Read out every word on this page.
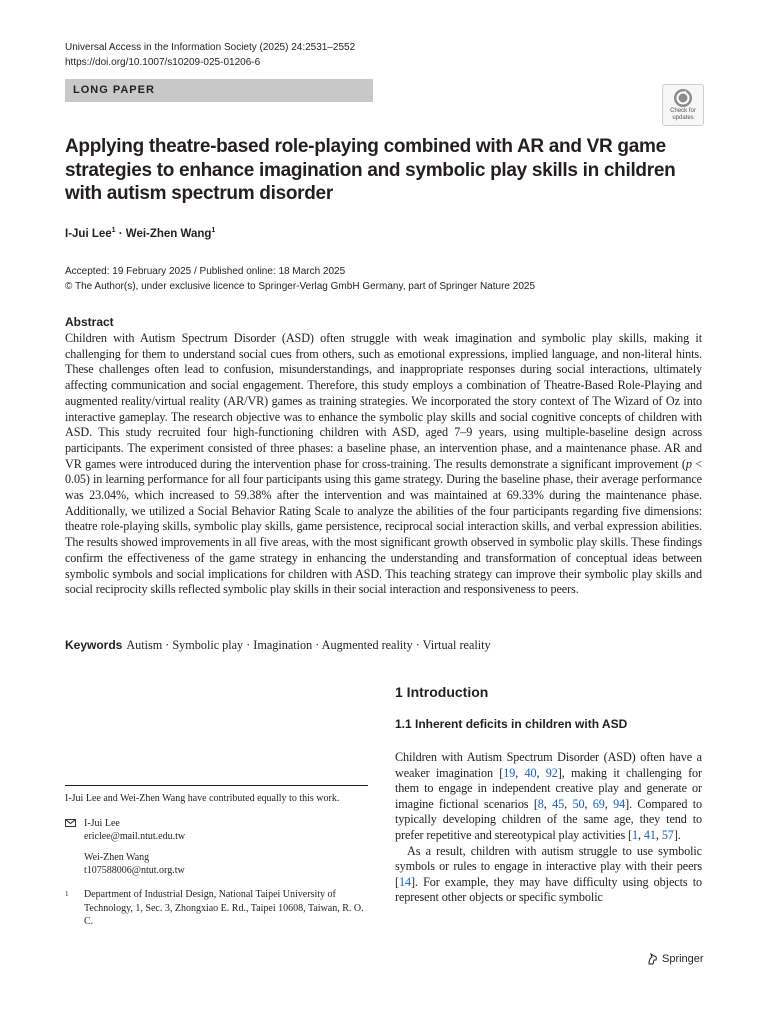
Universal Access in the Information Society (2025) 24:2531–2552
https://doi.org/10.1007/s10209-025-01206-6
LONG PAPER
Check for
updates
Applying theatre-based role-playing combined with AR and VR game strategies to enhance imagination and symbolic play skills in children with autism spectrum disorder
I-Jui Lee$^1$ · Wei-Zhen Wang$^1$
Accepted: 19 February 2025 / Published online: 18 March 2025
© The Author(s), under exclusive licence to Springer-Verlag GmbH Germany, part of Springer Nature 2025
Abstract

Children with Autism Spectrum Disorder (ASD) often struggle with weak imagination and symbolic play skills, making it challenging for them to understand social cues from others, such as emotional expressions, implied language, and non-literal hints. These challenges often lead to confusion, misunderstandings, and inappropriate responses during social interactions, ultimately affecting communication and social engagement. Therefore, this study employs a combination of Theatre-Based Role-Playing and augmented reality/virtual reality (AR/VR) games as training strategies. We incorporated the story context of The Wizard of Oz into interactive gameplay. The research objective was to enhance the symbolic play skills and social cognitive concepts of children with ASD. This study recruited four high-functioning children with ASD, aged 7–9 years, using multiple-baseline design across participants. The experiment consisted of three phases: a baseline phase, an intervention phase, and a maintenance phase. AR and VR games were introduced during the intervention phase for cross-training. The results demonstrate a significant improvement (p < 0.05) in learning performance for all four participants using this game strategy. During the baseline phase, their average performance was 23.04%, which increased to 59.38% after the intervention and was maintained at 69.33% during the maintenance phase. Additionally, we utilized a Social Behavior Rating Scale to analyze the abilities of the four participants regarding five dimensions: theatre role-playing skills, symbolic play skills, game persistence, reciprocal social interaction skills, and verbal expression abilities. The results showed improvements in all five areas, with the most significant growth observed in symbolic play skills. These findings confirm the effectiveness of the game strategy in enhancing the understanding and transformation of conceptual ideas between symbolic symbols and social implications for children with ASD. This teaching strategy can improve their symbolic play skills and social reciprocity skills reflected symbolic play skills in their social interaction and responsiveness to peers.

Keywords Autism · Symbolic play · Imagination · Augmented reality · Virtual reality
1 Introduction
1.1 Inherent deficits in children with ASD

Children with Autism Spectrum Disorder (ASD) often have a weaker imagination [19, 40, 92], making it challenging for them to engage in independent creative play and generate or imagine fictional scenarios [8, 45, 50, 69, 94]. Compared to typically developing children of the same age, they tend to prefer repetitive and stereotypical play activities [1, 41, 57].

As a result, children with autism struggle to use symbolic symbols or rules to engage in interactive play with their peers [14]. For example, they may have difficulty using objects to represent other objects or specific symbolic

I-Jui Lee and Wei-Zhen Wang have contributed equally to this work.
I-Jui Lee
ericlee@mail.ntut.edu.tw
Wei-Zhen Wang
t107588006@ntut.org.tw
1 Department of Industrial Design, National Taipei University of Technology, 1, Sec. 3, Zhongxiao E. Rd., Taipei 10608, Taiwan, R. O. C.
Springer
